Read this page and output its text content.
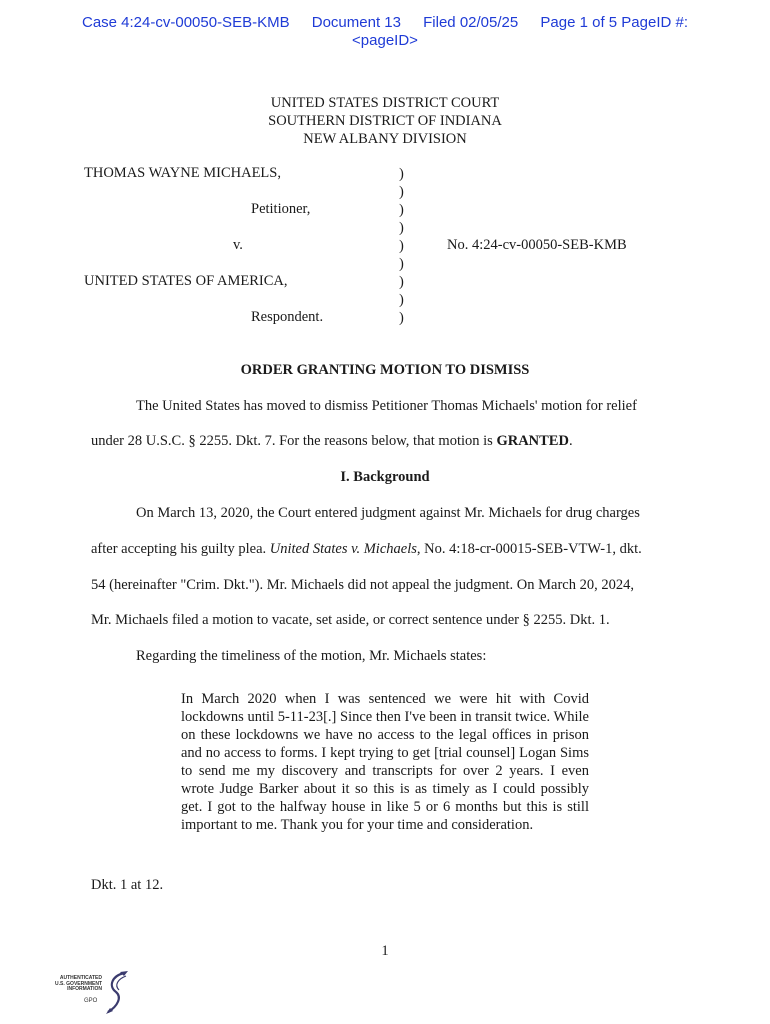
Case 4:24-cv-00050-SEB-KMB Document 13 Filed 02/05/25 Page 1 of 5 PageID #:
<pageID>
UNITED STATES DISTRICT COURT
SOUTHERN DISTRICT OF INDIANA
NEW ALBANY DIVISION
THOMAS WAYNE MICHAELS,
Petitioner,
v.
UNITED STATES OF AMERICA,
Respondent.
No. 4:24-cv-00050-SEB-KMB
)
)
)
)
)
)
)
)
)
ORDER GRANTING MOTION TO DISMISS
The United States has moved to dismiss Petitioner Thomas Michaels' motion for relief
under 28 U.S.C. § 2255. Dkt. 7. For the reasons below, that motion is GRANTED.
I. Background
On March 13, 2020, the Court entered judgment against Mr. Michaels for drug charges
after accepting his guilty plea. United States v. Michaels, No. 4:18-cr-00015-SEB-VTW-1, dkt.
54 (hereinafter "Crim. Dkt."). Mr. Michaels did not appeal the judgment. On March 20, 2024,
Mr. Michaels filed a motion to vacate, set aside, or correct sentence under § 2255. Dkt. 1.
Regarding the timeliness of the motion, Mr. Michaels states:
In March 2020 when I was sentenced we were hit with Covid lockdowns until 5-11-23[.] Since then I've been in transit twice. While on these lockdowns we have no access to the legal offices in prison and no access to forms. I kept trying to get [trial counsel] Logan Sims to send me my discovery and transcripts for over 2 years. I even wrote Judge Barker about it so this is as timely as I could possibly get. I got to the halfway house in like 5 or 6 months but this is still important to me. Thank you for your time and consideration.
Dkt. 1 at 12.
1
AUTHENTICATED
U.S. GOVERNMENT
INFORMATION
GPO
